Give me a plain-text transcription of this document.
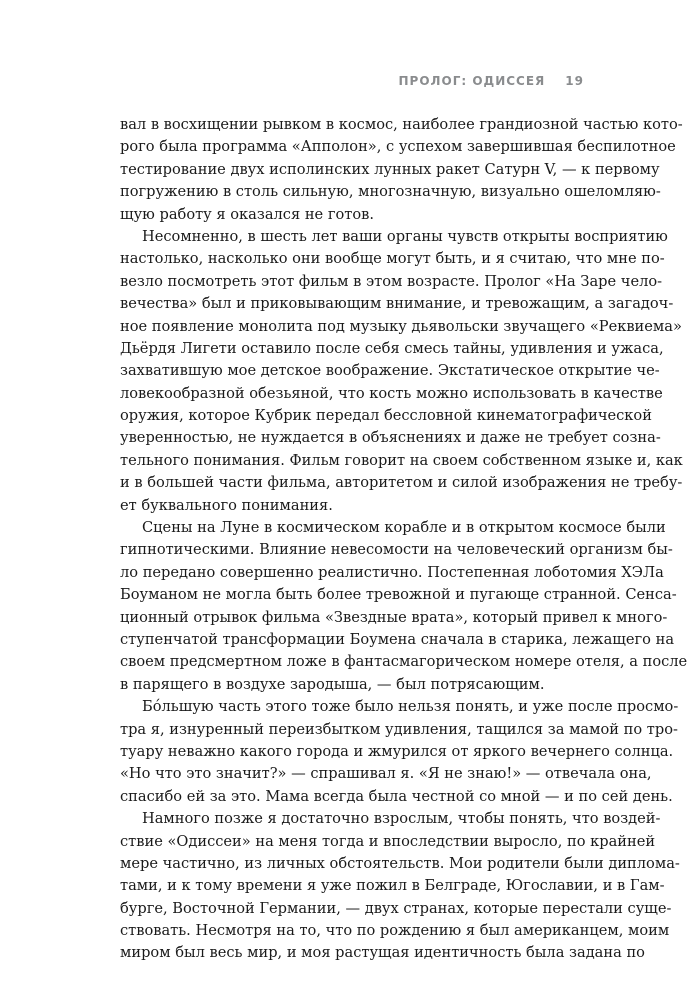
ПРОЛОГ: ОДИССЕЯ 19
вал в восхищении рывком в космос, наиболее грандиозной частью кото-
рого была программа «Апполон», с успехом завершившая беспилотное
тестирование двух исполинских лунных ракет Сатурн V, — к первому
погружению в столь сильную, многозначную, визуально ошеломляю-
щую работу я оказался не готов.
Несомненно, в шесть лет ваши органы чувств открыты восприятию
настолько, насколько они вообще могут быть, и я считаю, что мне по-
везло посмотреть этот фильм в этом возрасте. Пролог «На Заре чело-
вечества» был и приковывающим внимание, и тревожащим, а загадоч-
ное появление монолита под музыку дьявольски звучащего «Реквиема»
Дьёрдя Лигети оставило после себя смесь тайны, удивления и ужаса,
захватившую мое детское воображение. Экстатическое открытие че-
ловекообразной обезьяной, что кость можно использовать в качестве
оружия, которое Кубрик передал бессловной кинематографической
уверенностью, не нуждается в объяснениях и даже не требует сознa-
тельного понимания. Фильм говорит на своем собственном языке и, как
и в большей части фильма, авторитетом и силой изображения не требу-
ет буквального понимания.
Сцены на Луне в космическом корабле и в открытом космосе были
гипнотическими. Влияние невесомости на человеческий организм бы-
ло передано совершенно реалистично. Постепенная лоботомия ХЭЛа
Боуманом не могла быть более тревожной и пугающе странной. Сенса-
ционный отрывок фильма «Звездные врата», который привел к много-
ступенчатой трансформации Боумена сначала в старика, лежащего на
своем предсмертном ложе в фантасмагорическом номере отеля, а после
в парящего в воздухе зародыша, — был потрясающим.
Бóльшую часть этого тоже было нельзя понять, и уже после просмо-
тра я, изнуренный переизбытком удивления, тащился за мамой по тро-
туару неважно какого города и жмурился от яркого вечернего солнца.
«Но что это значит?» — спрашивал я. «Я не знаю!» — отвечала она,
спасибо ей за это. Мама всегда была честной со мной — и по сей день.
Намного позже я достаточно взрослым, чтобы понять, что воздей-
ствие «Одиссеи» на меня тогда и впоследствии выросло, по крайней
мере частично, из личных обстоятельств. Мои родители были диплома-
тами, и к тому времени я уже пожил в Белграде, Югославии, и в Гам-
бурге, Восточной Германии, — двух странах, которые перестали суще-
ствовать. Несмотря на то, что по рождению я был американцем, моим
миром был весь мир, и моя растущая идентичность была задана по
